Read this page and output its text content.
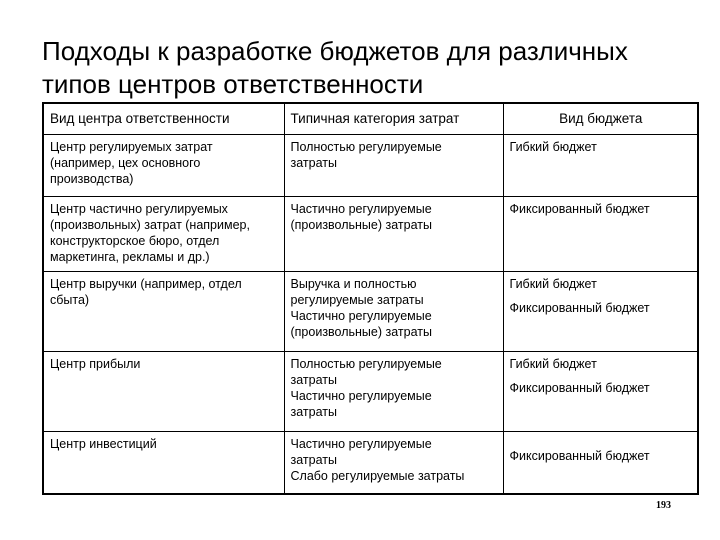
Подходы к разработке бюджетов для различных
типов центров ответственности
Вид центра ответственности	Типичная категория затрат	Вид бюджета

Центр регулируемых затрат
(например, цех основного
производства)	Полностью регулируемые
затраты	Гибкий бюджет

Центр частично регулируемых
(произвольных) затрат (например,
конструкторское бюро, отдел
маркетинга, рекламы и др.)	Частично регулируемые
(произвольные) затраты	Фиксированный бюджет

Центр выручки (например, отдел
сбыта)	Выручка и полностью
регулируемые затраты
Частично регулируемые
(произвольные) затраты	Гибкий бюджет
Фиксированный бюджет

Центр прибыли	Полностью регулируемые
затраты
Частично регулируемые
затраты	Гибкий бюджет
Фиксированный бюджет

Центр инвестиций	Частично регулируемые
затраты
Слабо регулируемые затраты	Фиксированный бюджет
193
